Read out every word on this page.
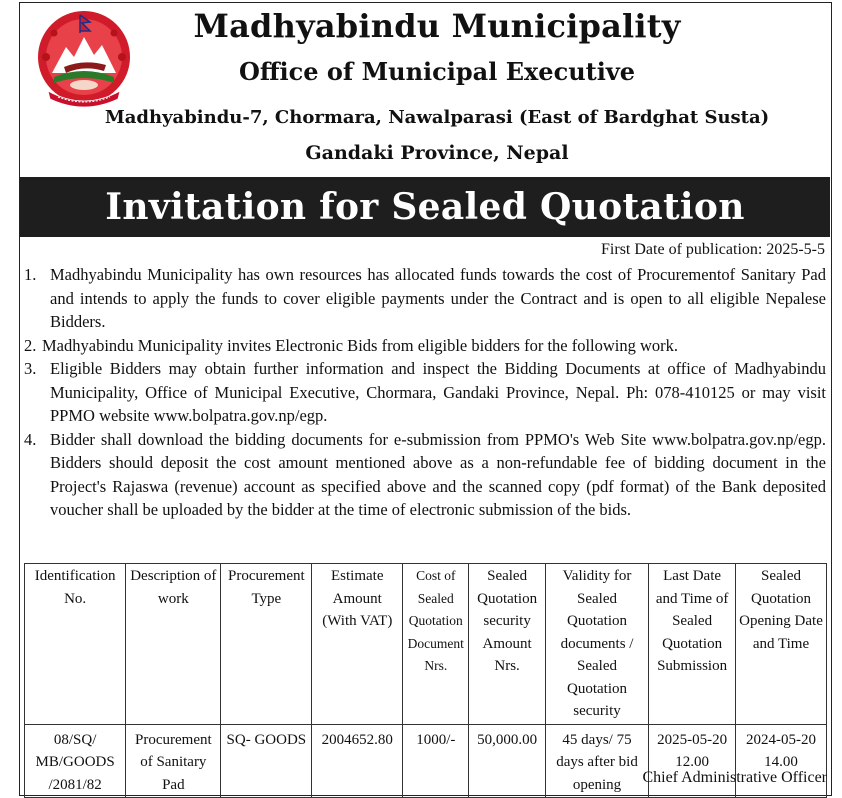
Madhyabindu Municipality
Office of Municipal Executive
Madhyabindu-7, Chormara, Nawalparasi (East of Bardghat Susta)
Gandaki Province, Nepal
Invitation for Sealed Quotation
First Date of publication: 2025-5-5
1. Madhyabindu Municipality has own resources has allocated funds towards the cost of Procurementof Sanitary Pad and intends to apply the funds to cover eligible payments under the Contract and is open to all eligible Nepalese Bidders.
2. Madhyabindu Municipality invites Electronic Bids from eligible bidders for the following work.
3. Eligible Bidders may obtain further information and inspect the Bidding Documents at office of Madhyabindu Municipality, Office of Municipal Executive, Chormara, Gandaki Province, Nepal. Ph: 078-410125 or may visit PPMO website www.bolpatra.gov.np/egp.
4. Bidder shall download the bidding documents for e-submission from PPMO's Web Site www.bolpatra.gov.np/egp. Bidders should deposit the cost amount mentioned above as a non-refundable fee of bidding document in the Project's Rajaswa (revenue) account as specified above and the scanned copy (pdf format) of the Bank deposited voucher shall be uploaded by the bidder at the time of electronic submission of the bids.
Identification No.	Description of work	Procurement Type	Estimate Amount (With VAT)	Cost of Sealed Quotation Document Nrs.	Sealed Quotation security Amount Nrs.	Validity for Sealed Quotation documents / Sealed Quotation security	Last Date and Time of Sealed Quotation Submission	Sealed Quotation Opening Date and Time
08/SQ/ MB/GOODS /2081/82	Procurement of Sanitary Pad	SQ- GOODS	2004652.80	1000/-	50,000.00	45 days/ 75 days after bid opening	2025-05-20 12.00	2024-05-20 14.00
Chief Administrative Officer
